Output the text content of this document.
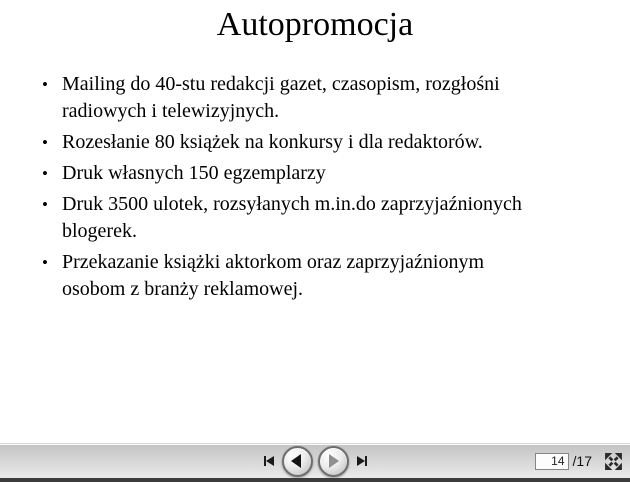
Autopromocja
• Mailing do 40-stu redakcji gazet, czasopism, rozgłośni radiowych i telewizyjnych.
• Rozesłanie 80 książek na konkursy i dla redaktorów.
• Druk własnych 150 egzemplarzy
• Druk 3500 ulotek, rozsyłanych m.in.do zaprzyjaźnionych blogerek.
• Przekazanie książki aktorkom oraz zaprzyjaźnionym osobom z branży reklamowej.
14
/17
